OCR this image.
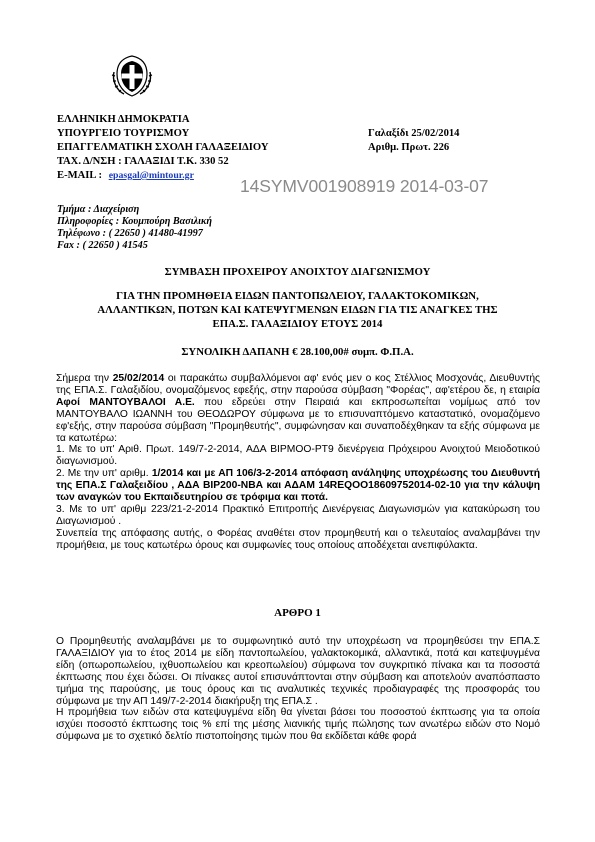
ΕΛΛΗΝΙΚΗ ΔΗΜΟΚΡΑΤΙΑ
ΥΠΟΥΡΓΕΙΟ ΤΟΥΡΙΣΜΟΥ
ΕΠΑΓΓΕΛΜΑΤΙΚΗ ΣΧΟΛΗ ΓΑΛΑΞΕΙΔΙΟΥ
ΤΑΧ. Δ/ΝΣΗ : ΓΑΛΑΞΙΔΙ Τ.Κ. 330 52
E-MAIL : epasgal@mintour.gr
Γαλαξίδι 25/02/2014
Αριθμ. Πρωτ. 226
14SYMV001908919 2014-03-07
Τμήμα : Διαχείριση
Πληροφορίες : Κουμπούρη Βασιλική
Τηλέφωνο : ( 22650 ) 41480-41997
Fax : ( 22650 ) 41545
ΣΥΜΒΑΣΗ ΠΡΟΧΕΙΡΟΥ ΑΝΟΙΧΤΟΥ ΔΙΑΓΩΝΙΣΜΟΥ
ΓΙΑ ΤΗΝ ΠΡΟΜΗΘΕΙΑ ΕΙΔΩΝ ΠΑΝΤΟΠΩΛΕΙΟΥ, ΓΑΛΑΚΤΟΚΟΜΙΚΩΝ,
ΑΛΛΑΝΤΙΚΩΝ, ΠΟΤΩΝ ΚΑΙ ΚΑΤΕΨΥΓΜΕΝΩΝ ΕΙΔΩΝ ΓΙΑ ΤΙΣ ΑΝΑΓΚΕΣ ΤΗΣ
ΕΠΑ.Σ. ΓΑΛΑΞΙΔΙΟΥ ΕΤΟΥΣ 2014
ΣΥΝΟΛΙΚΗ ΔΑΠΑΝΗ € 28.100,00# συμπ. Φ.Π.Α.

Σήμερα την 25/02/2014 οι παρακάτω συμβαλλόμενοι αφ' ενός μεν ο κος Στέλλιος Μοσχονάς, Διευθυντής της ΕΠΑ.Σ. Γαλαξιδίου, ονομαζόμενος εφεξής, στην παρούσα σύμβαση "Φορέας", αφ'ετέρου δε, η εταιρία Αφοί ΜΑΝΤΟΥΒΑΛΟΙ Α.Ε. που εδρεύει στην Πειραιά και εκπροσωπείται νομίμως από τον ΜΑΝΤΟΥΒΑΛΟ ΙΩΑΝΝΗ του ΘΕΟΔΩΡΟΥ σύμφωνα με το επισυναπτόμενο καταστατικό, ονομαζόμενο εφ'εξής, στην παρούσα σύμβαση "Προμηθευτής", συμφώνησαν και συναποδέχθηκαν τα εξής σύμφωνα με τα κατωτέρω:

1. Με το υπ' Αριθ. Πρωτ. 149/7-2-2014, ΑΔΑ ΒΙΡΜΟΟ-ΡΤ9 διενέργεια Πρόχειρου Ανοιχτού Μειοδοτικού διαγωνισμού.

2. Με την υπ' αριθμ. 1/2014 και με ΑΠ 106/3-2-2014 απόφαση ανάληψης υποχρέωσης του Διευθυντή της ΕΠΑ.Σ Γαλαξειδίου , ΑΔΑ ΒΙΡ200-ΝΒΑ και ΑΔΑΜ 14REQOO18609752014-02-10 για την κάλυψη των αναγκών του Εκπαιδευτηρίου σε τρόφιμα και ποτά.

3. Με το υπ' αριθμ 223/21-2-2014 Πρακτικό Επιτροπής Διενέργειας Διαγωνισμών για κατακύρωση του Διαγωνισμού .

Συνεπεία της απόφασης αυτής, ο Φορέας αναθέτει στον προμηθευτή και ο τελευταίος αναλαμβάνει την προμήθεια, με τους κατωτέρω όρους και συμφωνίες τους οποίους αποδέχεται ανεπιφύλακτα.

ΑΡΘΡΟ 1

Ο Προμηθευτής αναλαμβάνει με το συμφωνητικό αυτό την υποχρέωση να προμηθεύσει την ΕΠΑ.Σ ΓΑΛΑΞΙΔΙΟΥ για το έτος 2014 με είδη παντοπωλείου, γαλακτοκομικά, αλλαντικά, ποτά και κατεψυγμένα είδη (οπωροπωλείου, ιχθυοπωλείου και κρεοπωλείου) σύμφωνα τον συγκριτικό πίνακα και τα ποσοστά έκπτωσης που έχει δώσει. Οι πίνακες αυτοί επισυνάπτονται στην σύμβαση και αποτελούν αναπόσπαστο τμήμα της παρούσης, με τους όρους και τις αναλυτικές τεχνικές προδιαγραφές της προσφοράς του σύμφωνα με την ΑΠ 149/7-2-2014 διακήρυξη της ΕΠΑ.Σ .

Η προμήθεια των ειδών στα κατεψυγμένα είδη θα γίνεται βάσει του ποσοστού έκπτωσης για τα οποία ισχύει ποσοστό έκπτωσης τοις % επί της μέσης λιανικής τιμής πώλησης των ανωτέρω ειδών στο Νομό σύμφωνα με το σχετικό δελτίο πιστοποίησης τιμών που θα εκδίδεται κάθε φορά
